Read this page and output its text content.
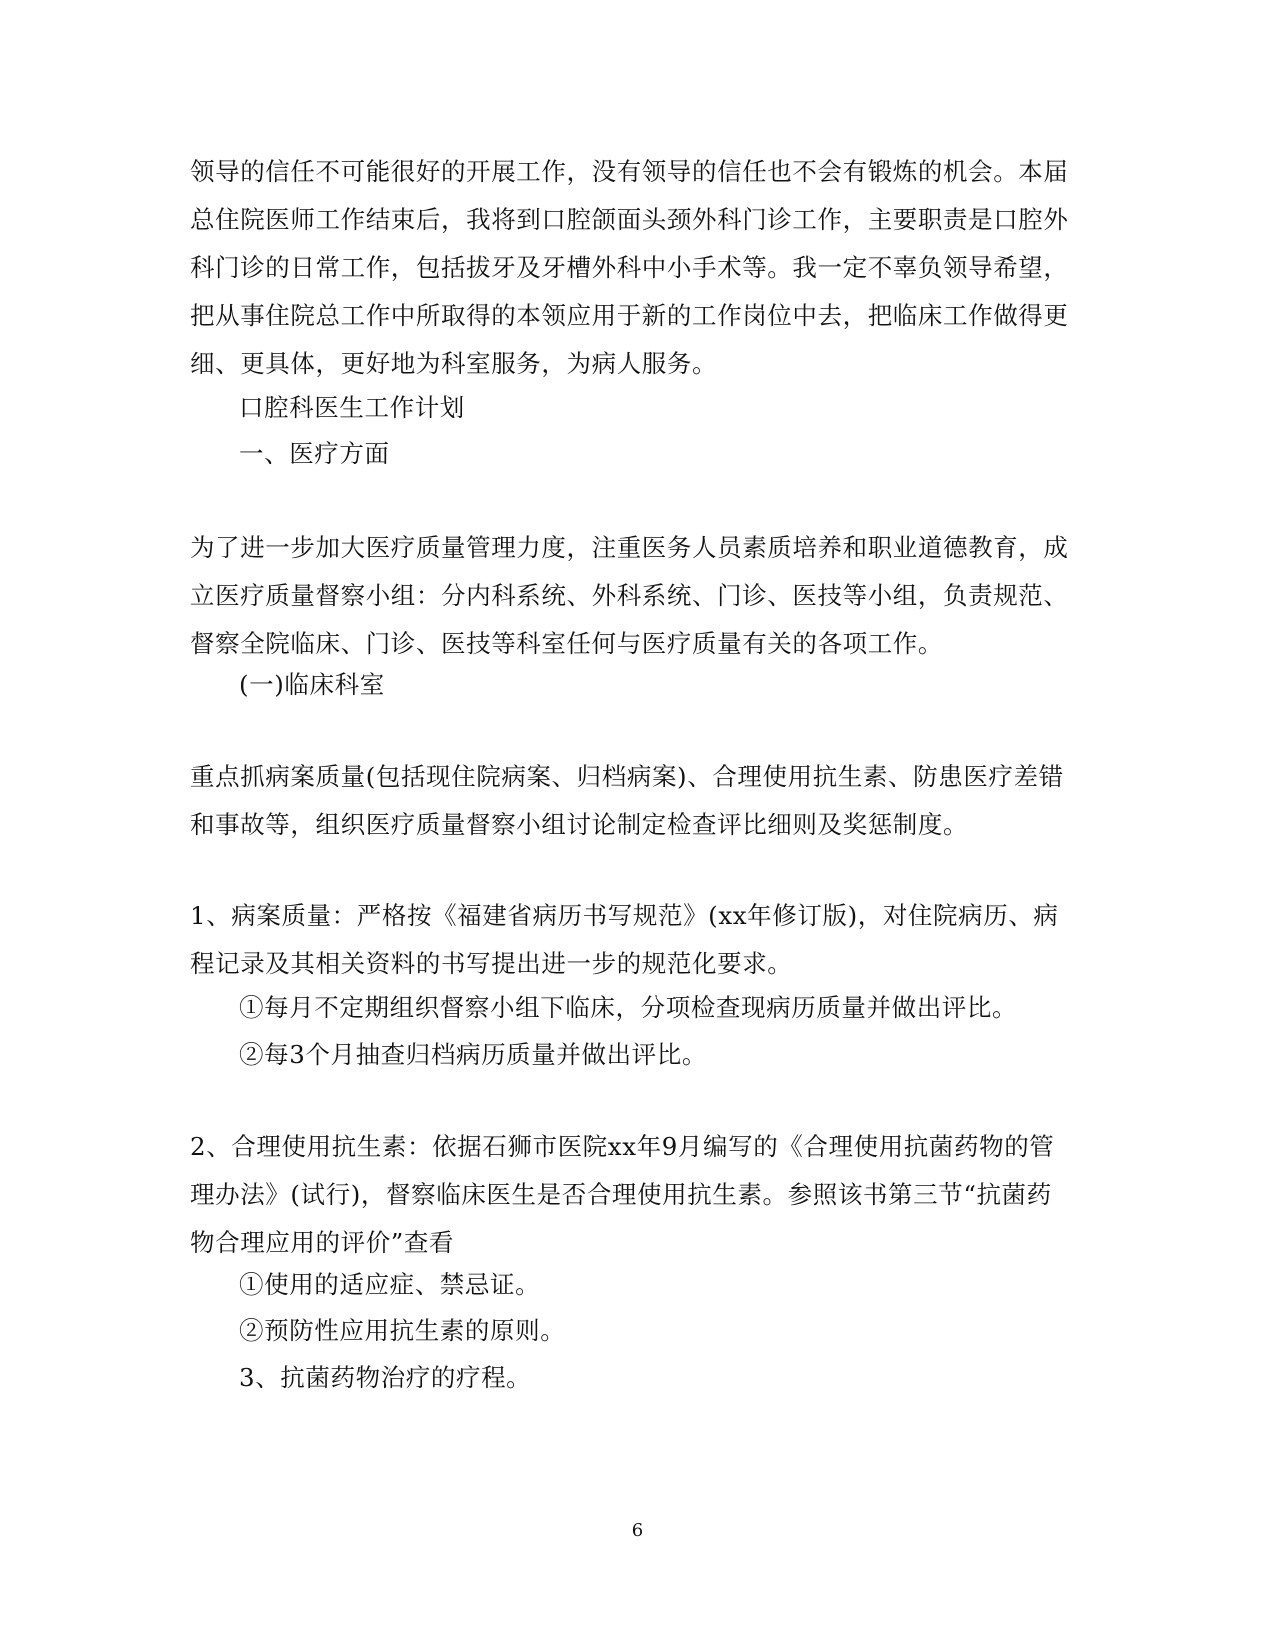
领导的信任不可能很好的开展工作，没有领导的信任也不会有锻炼的机会。本届总住院医师工作结束后，我将到口腔颌面头颈外科门诊工作，主要职责是口腔外科门诊的日常工作，包括拔牙及牙槽外科中小手术等。我一定不辜负领导希望，把从事住院总工作中所取得的本领应用于新的工作岗位中去，把临床工作做得更细、更具体，更好地为科室服务，为病人服务。

口腔科医生工作计划

一、医疗方面

为了进一步加大医疗质量管理力度，注重医务人员素质培养和职业道德教育，成立医疗质量督察小组：分内科系统、外科系统、门诊、医技等小组，负责规范、督察全院临床、门诊、医技等科室任何与医疗质量有关的各项工作。

(一)临床科室

重点抓病案质量(包括现住院病案、归档病案)、合理使用抗生素、防患医疗差错和事故等，组织医疗质量督察小组讨论制定检查评比细则及奖惩制度。

1、病案质量：严格按《福建省病历书写规范》(xx年修订版)，对住院病历、病程记录及其相关资料的书写提出进一步的规范化要求。

①每月不定期组织督察小组下临床，分项检查现病历质量并做出评比。

②每3个月抽查归档病历质量并做出评比。

2、合理使用抗生素：依据石狮市医院xx年9月编写的《合理使用抗菌药物的管理办法》(试行)，督察临床医生是否合理使用抗生素。参照该书第三节“抗菌药物合理应用的评价”查看

①使用的适应症、禁忌证。

②预防性应用抗生素的原则。

3、抗菌药物治疗的疗程。

6
